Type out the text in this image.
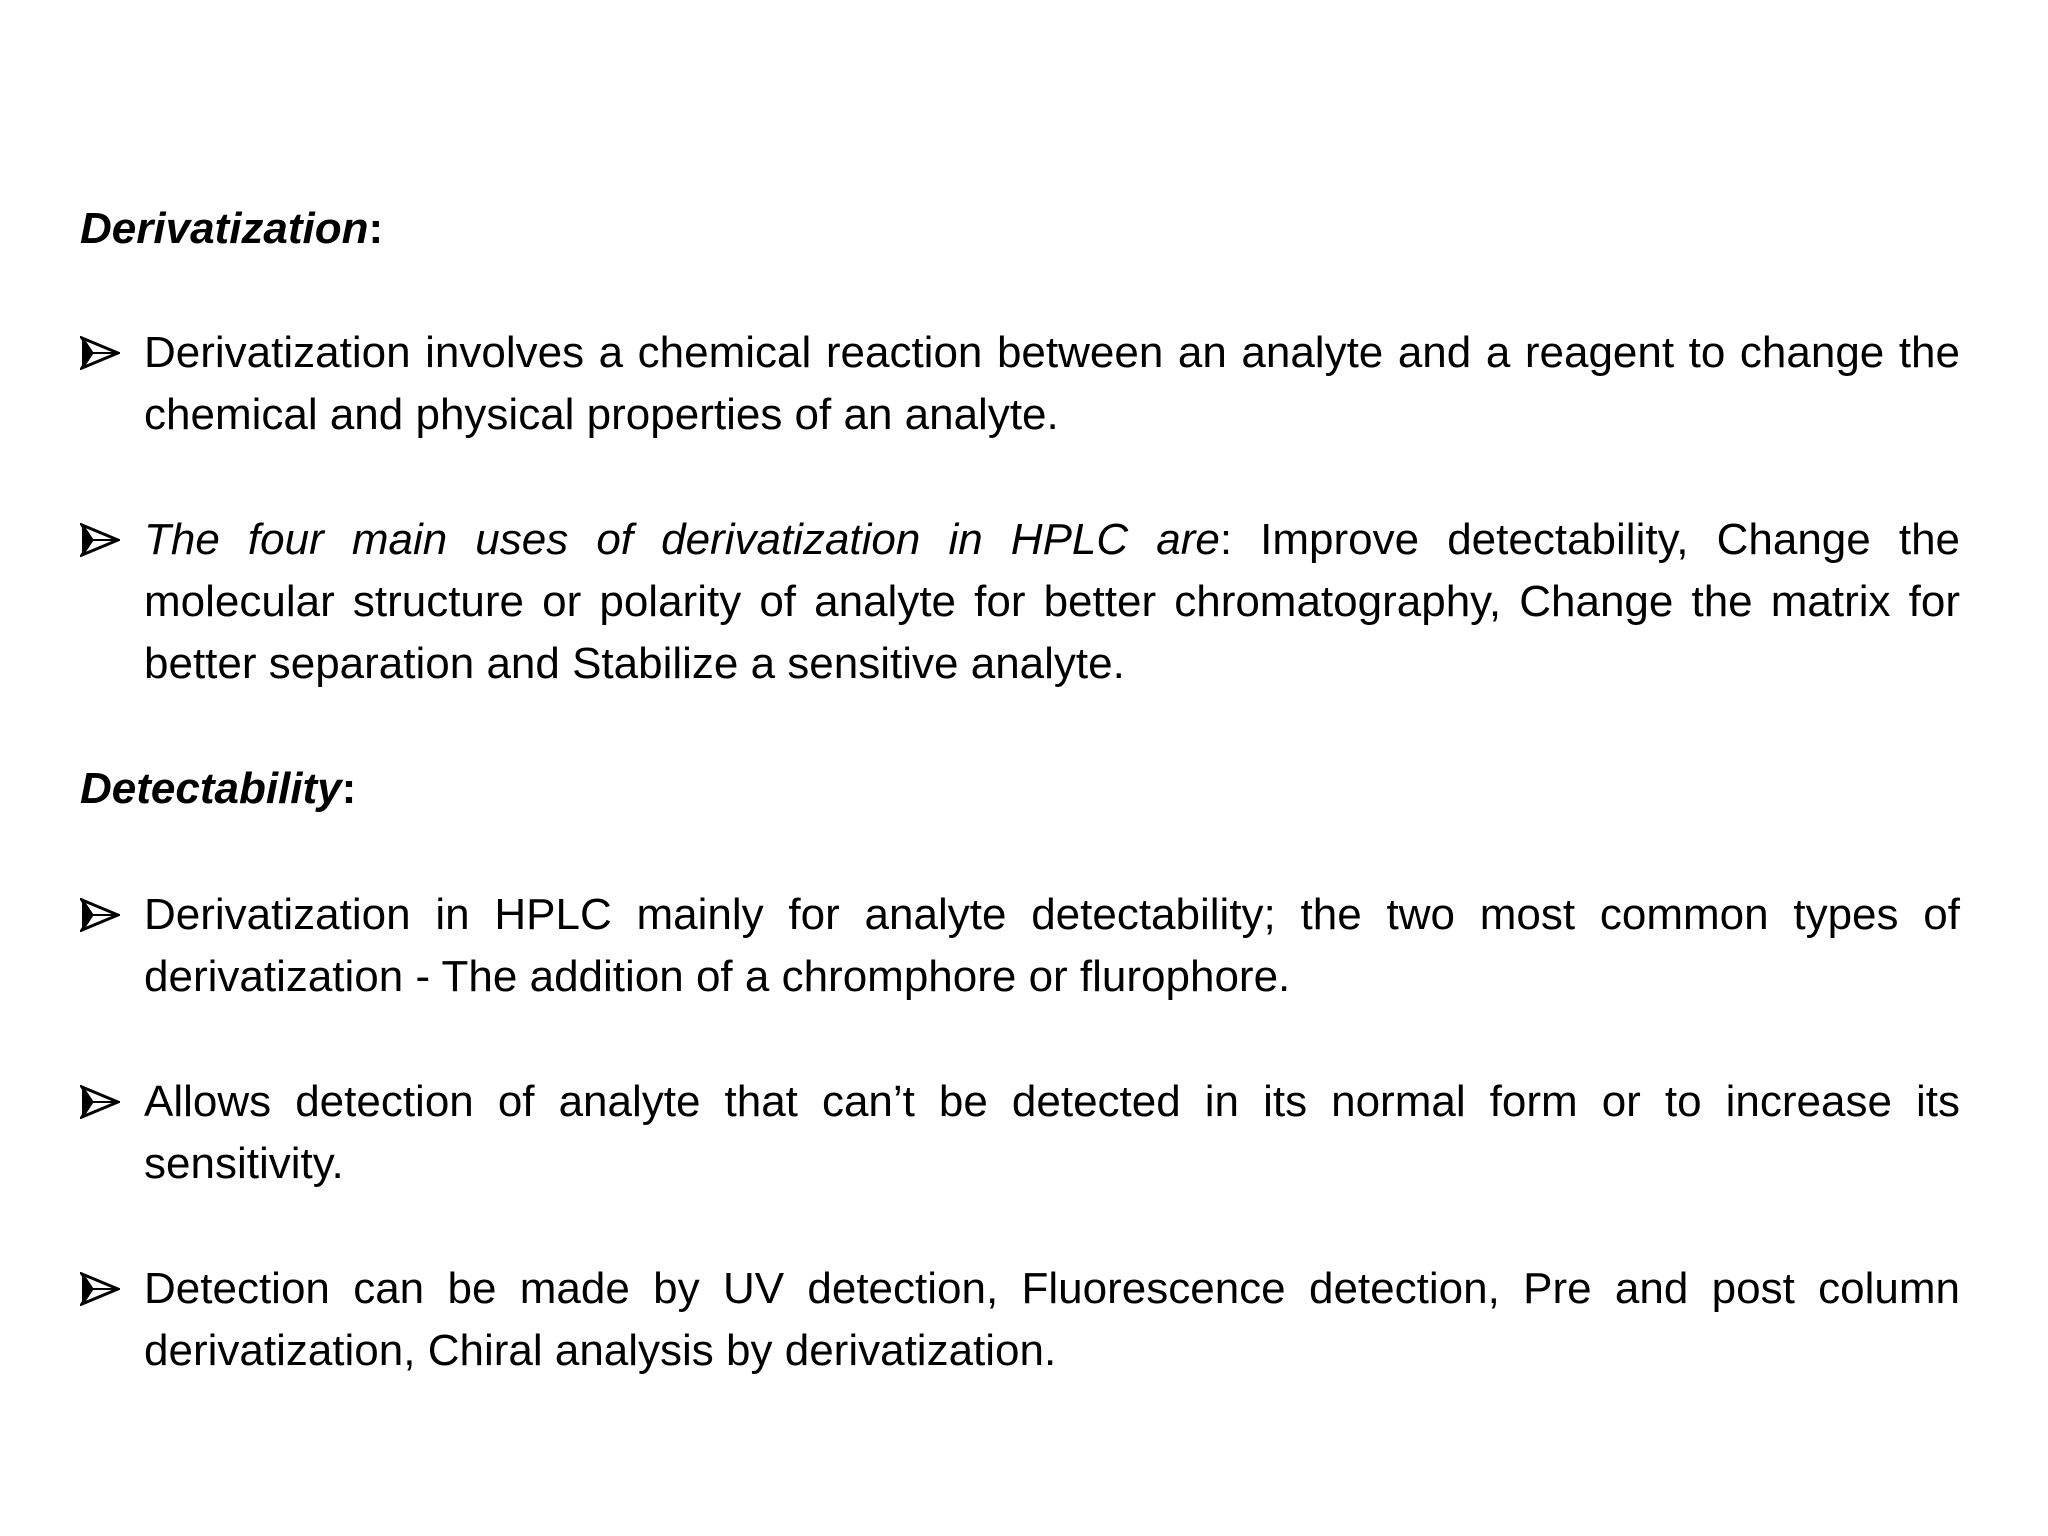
Derivatization:

Derivatization involves a chemical reaction between an analyte and a reagent to change the chemical and physical properties of an analyte.

The four main uses of derivatization in HPLC are: Improve detectability, Change the molecular structure or polarity of analyte for better chromatography, Change the matrix for better separation and Stabilize a sensitive analyte.

Detectability:

Derivatization in HPLC mainly for analyte detectability; the two most common types of derivatization - The addition of a chromphore or flurophore.

Allows detection of analyte that can’t be detected in its normal form or to increase its sensitivity.

Detection can be made by UV detection, Fluorescence detection, Pre and post column derivatization, Chiral analysis by derivatization.
